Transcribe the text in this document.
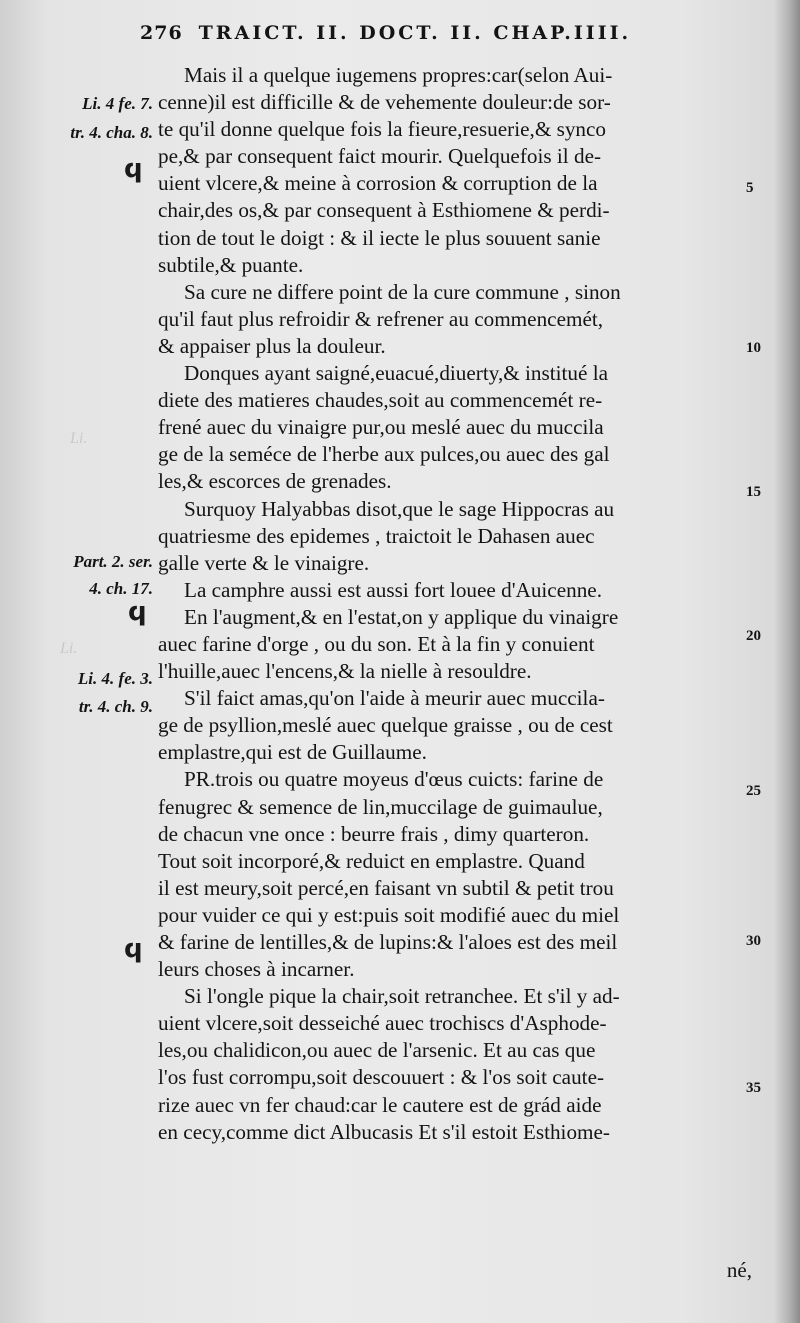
Li.
Li.
276 TRAICT. II. DOCT. II. CHAP.IIII.
Mais il a quelque iugemens propres:car(selon Aui-
cenne)il est difficille & de vehemente douleur:de sor-
te qu'il donne quelque fois la fieure,resuerie,& synco
pe,& par consequent faict mourir. Quelquefois il de-
uient vlcere,& meine à corrosion & corruption de la
chair,des os,& par consequent à Esthiomene & perdi-
tion de tout le doigt : & il iecte le plus souuent sanie
subtile,& puante.
Sa cure ne differe point de la cure commune , sinon
qu'il faut plus refroidir & refrener au commencemét,
& appaiser plus la douleur.
Donques ayant saigné,euacué,diuerty,& institué la
diete des matieres chaudes,soit au commencemét re-
frené auec du vinaigre pur,ou meslé auec du muccila
ge de la seméce de l'herbe aux pulces,ou auec des gal
les,& escorces de grenades.
Surquoy Halyabbas disot,que le sage Hippocras au
quatriesme des epidemes , traictoit le Dahasen auec
galle verte & le vinaigre.
La camphre aussi est aussi fort louee d'Auicenne.
En l'augment,& en l'estat,on y applique du vinaigre
auec farine d'orge , ou du son. Et à la fin y conuient
l'huille,auec l'encens,& la nielle à resouldre.
S'il faict amas,qu'on l'aide à meurir auec muccila-
ge de psyllion,meslé auec quelque graisse , ou de cest
emplastre,qui est de Guillaume.
PR.trois ou quatre moyeus d'œus cuicts: farine de
fenugrec & semence de lin,muccilage de guimaulue,
de chacun vne once : beurre frais , dimy quarteron.
Tout soit incorporé,& reduict en emplastre. Quand
il est meury,soit percé,en faisant vn subtil & petit trou
pour vuider ce qui y est:puis soit modifié auec du miel
& farine de lentilles,& de lupins:& l'aloes est des meil
leurs choses à incarner.
Si l'ongle pique la chair,soit retranchee. Et s'il y ad-
uient vlcere,soit desseiché auec trochiscs d'Asphode-
les,ou chalidicon,ou auec de l'arsenic. Et au cas que
l'os fust corrompu,soit descouuert : & l'os soit caute-
rize auec vn fer chaud:car le cautere est de grád aide
en cecy,comme dict Albucasis Et s'il estoit Esthiome-
Li. 4 fe. 7.
tr. 4. cha. 8.
Part. 2. ser.
4. ch. 17.
Li. 4. fe. 3.
tr. 4. ch. 9.
ϥ
ϥ
ϥ
5
10
15
20
25
30
35
né,
